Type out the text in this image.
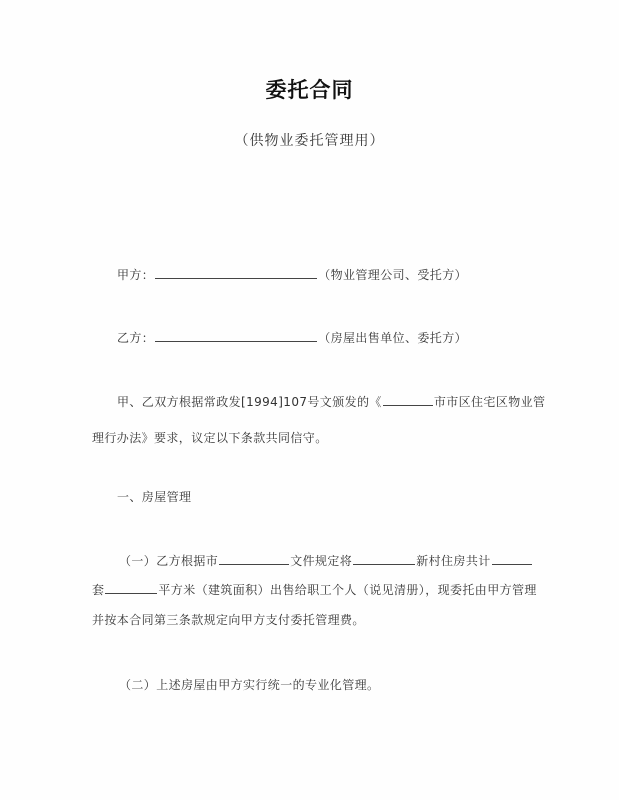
委托合同
（供物业委托管理用）
甲方：	（物业管理公司、受托方）
乙方：	（房屋出售单位、委托方）
甲、乙双方根据常政发[1994]107号文颁发的《	市市区住宅区物业管
理行办法》要求，议定以下条款共同信守。
一、房屋管理
（一）乙方根据市	文件规定将	新村住房共计
套	平方米（建筑面积）出售给职工个人（说见清册），现委托由甲方管理
并按本合同第三条款规定向甲方支付委托管理费。
（二）上述房屋由甲方实行统一的专业化管理。
